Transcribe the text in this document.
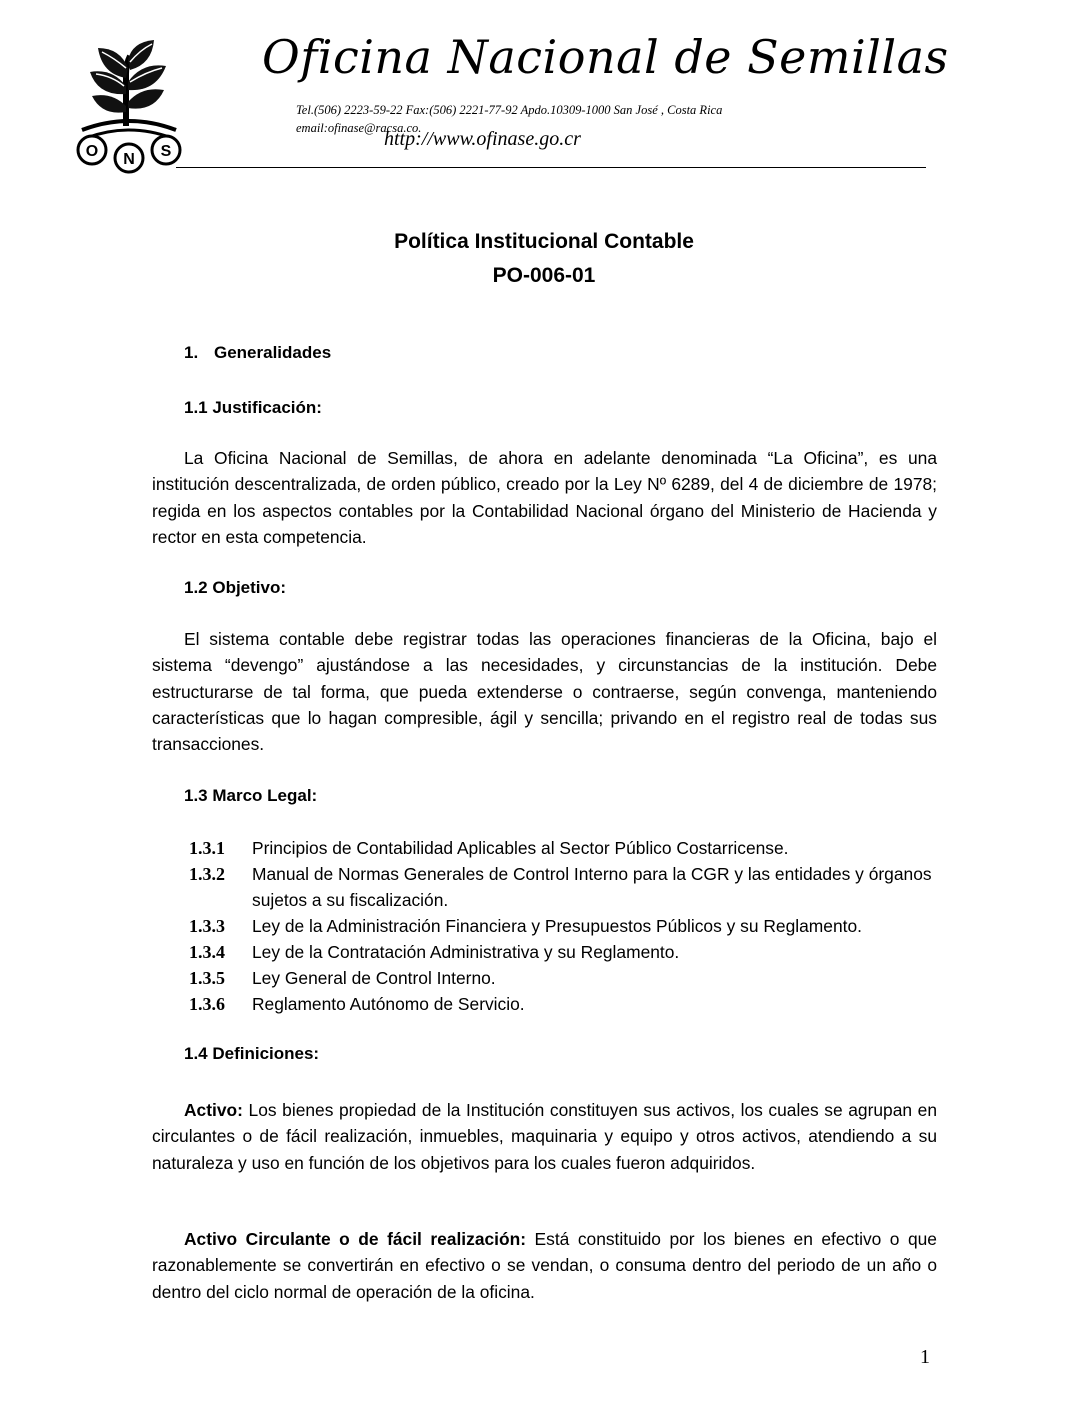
O N S
Oficina Nacional de Semillas
Tel.(506) 2223-59-22 Fax:(506) 2221-77-92 Apdo.10309-1000 San José , Costa Rica
email:ofinase@racsa.co.
http://www.ofinase.go.cr
Política Institucional Contable
PO-006-01
1. Generalidades
1.1 Justificación:
La Oficina Nacional de Semillas, de ahora en adelante denominada “La Oficina”, es una institución descentralizada, de orden público, creado por la Ley Nº 6289, del 4 de diciembre de 1978; regida en los aspectos contables por la Contabilidad Nacional órgano del Ministerio de Hacienda y rector en esta competencia.
1.2 Objetivo:
El sistema contable debe registrar todas las operaciones financieras de la Oficina, bajo el sistema “devengo” ajustándose a las necesidades, y circunstancias de la institución. Debe estructurarse de tal forma, que pueda extenderse o contraerse, según convenga, manteniendo características que lo hagan compresible, ágil y sencilla; privando en el registro real de todas sus transacciones.
1.3 Marco Legal:
1.3.1	Principios de Contabilidad Aplicables al Sector Público Costarricense.
1.3.2	Manual de Normas Generales de Control Interno para la CGR y las entidades y órganos sujetos a su fiscalización.
1.3.3	Ley de la Administración Financiera y Presupuestos Públicos y su Reglamento.
1.3.4	Ley de la Contratación Administrativa y su Reglamento.
1.3.5	Ley General de Control Interno.
1.3.6	Reglamento Autónomo de Servicio.
1.4 Definiciones:
Activo: Los bienes propiedad de la Institución constituyen sus activos, los cuales se agrupan en circulantes o de fácil realización, inmuebles, maquinaria y equipo y otros activos, atendiendo a su naturaleza y uso en función de los objetivos para los cuales fueron adquiridos.
Activo Circulante o de fácil realización: Está constituido por los bienes en efectivo o que razonablemente se convertirán en efectivo o se vendan, o consuma dentro del periodo de un año o dentro del ciclo normal de operación de la oficina.
1
